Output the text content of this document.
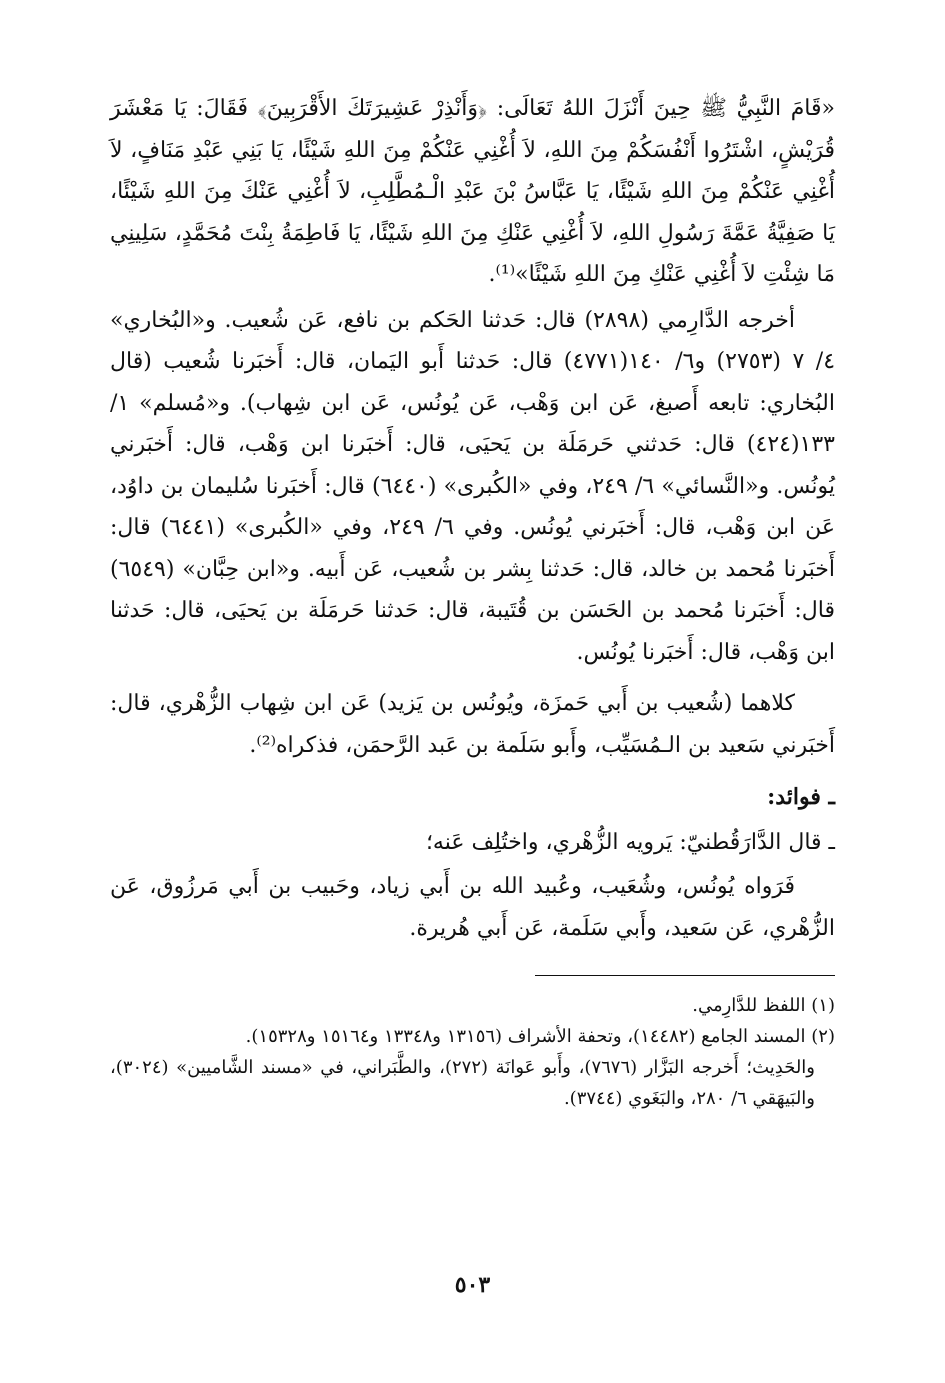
«قَامَ النَّبِيُّ ﷺ حِينَ أَنْزَلَ اللهُ تَعَالَى: ﴿وَأَنْذِرْ عَشِيرَتَكَ الأَقْرَبِينَ﴾ فَقَالَ: يَا مَعْشَرَ قُرَيْشٍ، اشْتَرُوا أَنْفُسَكُمْ مِنَ اللهِ، لاَ أُغْنِي عَنْكُمْ مِنَ اللهِ شَيْئًا، يَا بَنِي عَبْدِ مَنَافٍ، لاَ أُغْنِي عَنْكُمْ مِنَ اللهِ شَيْئًا، يَا عَبَّاسُ بْنَ عَبْدِ الْـمُطَّلِبِ، لاَ أُغْنِي عَنْكَ مِنَ اللهِ شَيْئًا، يَا صَفِيَّةُ عَمَّةَ رَسُولِ اللهِ، لاَ أُغْنِي عَنْكِ مِنَ اللهِ شَيْئًا، يَا فَاطِمَةُ بِنْتَ مُحَمَّدٍ، سَلِينِي مَا شِئْتِ لاَ أُغْنِي عَنْكِ مِنَ اللهِ شَيْئًا»⁽¹⁾.

أخرجه الدَّارِمي (٢٨٩٨) قال: حَدثنا الحَكم بن نافع، عَن شُعيب. و«البُخاري» ٤/ ٧ (٢٧٥٣) و٦/ ١٤٠(٤٧٧١) قال: حَدثنا أَبو اليَمان، قال: أَخبَرنا شُعيب (قال البُخاري: تابعه أَصبغ، عَن ابن وَهْب، عَن يُونُس، عَن ابن شِهاب). و«مُسلم» ١/ ١٣٣(٤٢٤) قال: حَدثني حَرمَلَة بن يَحيَى، قال: أَخبَرنا ابن وَهْب، قال: أَخبَرني يُونُس. و«النَّسائي» ٦/ ٢٤٩، وفي «الكُبرى» (٦٤٤٠) قال: أَخبَرنا سُليمان بن داوُد، عَن ابن وَهْب، قال: أَخبَرني يُونُس. وفي ٦/ ٢٤٩، وفي «الكُبرى» (٦٤٤١) قال: أَخبَرنا مُحمد بن خالد، قال: حَدثنا بِشر بن شُعيب، عَن أَبيه. و«ابن حِبَّان» (٦٥٤٩) قال: أَخبَرنا مُحمد بن الحَسَن بن قُتَيبة، قال: حَدثنا حَرمَلَة بن يَحيَى، قال: حَدثنا ابن وَهْب، قال: أَخبَرنا يُونُس.

كلاهما (شُعيب بن أَبي حَمزَة، ويُونُس بن يَزيد) عَن ابن شِهاب الزُّهْري، قال: أَخبَرني سَعيد بن الـمُسَيِّب، وأَبو سَلَمة بن عَبد الرَّحمَن، فذكراه⁽²⁾.

ـ فوائد:

ـ قال الدَّارَقُطنيّ: يَرويه الزُّهْري، واختُلِف عَنه؛

فَرَواه يُونُس، وشُعَيب، وعُبيد الله بن أَبي زياد، وحَبيب بن أَبي مَرزُوق، عَن الزُّهْري، عَن سَعيد، وأَبي سَلَمة، عَن أَبي هُريرة.

(١) اللفظ للدَّارِمي.

(٢) المسند الجامع (١٤٤٨٢)، وتحفة الأشراف (١٣١٥٦ و١٣٣٤٨ و١٥١٦٤ و١٥٣٢٨).

والحَدِيث؛ أَخرجه البَزَّار (٧٦٧٦)، وأَبو عَوانَة (٢٧٢)، والطَّبَراني، في «مسند الشَّاميين» (٣٠٢٤)، والبَيهَقي ٦/ ٢٨٠، والبَغَوي (٣٧٤٤).

٥٠٣
